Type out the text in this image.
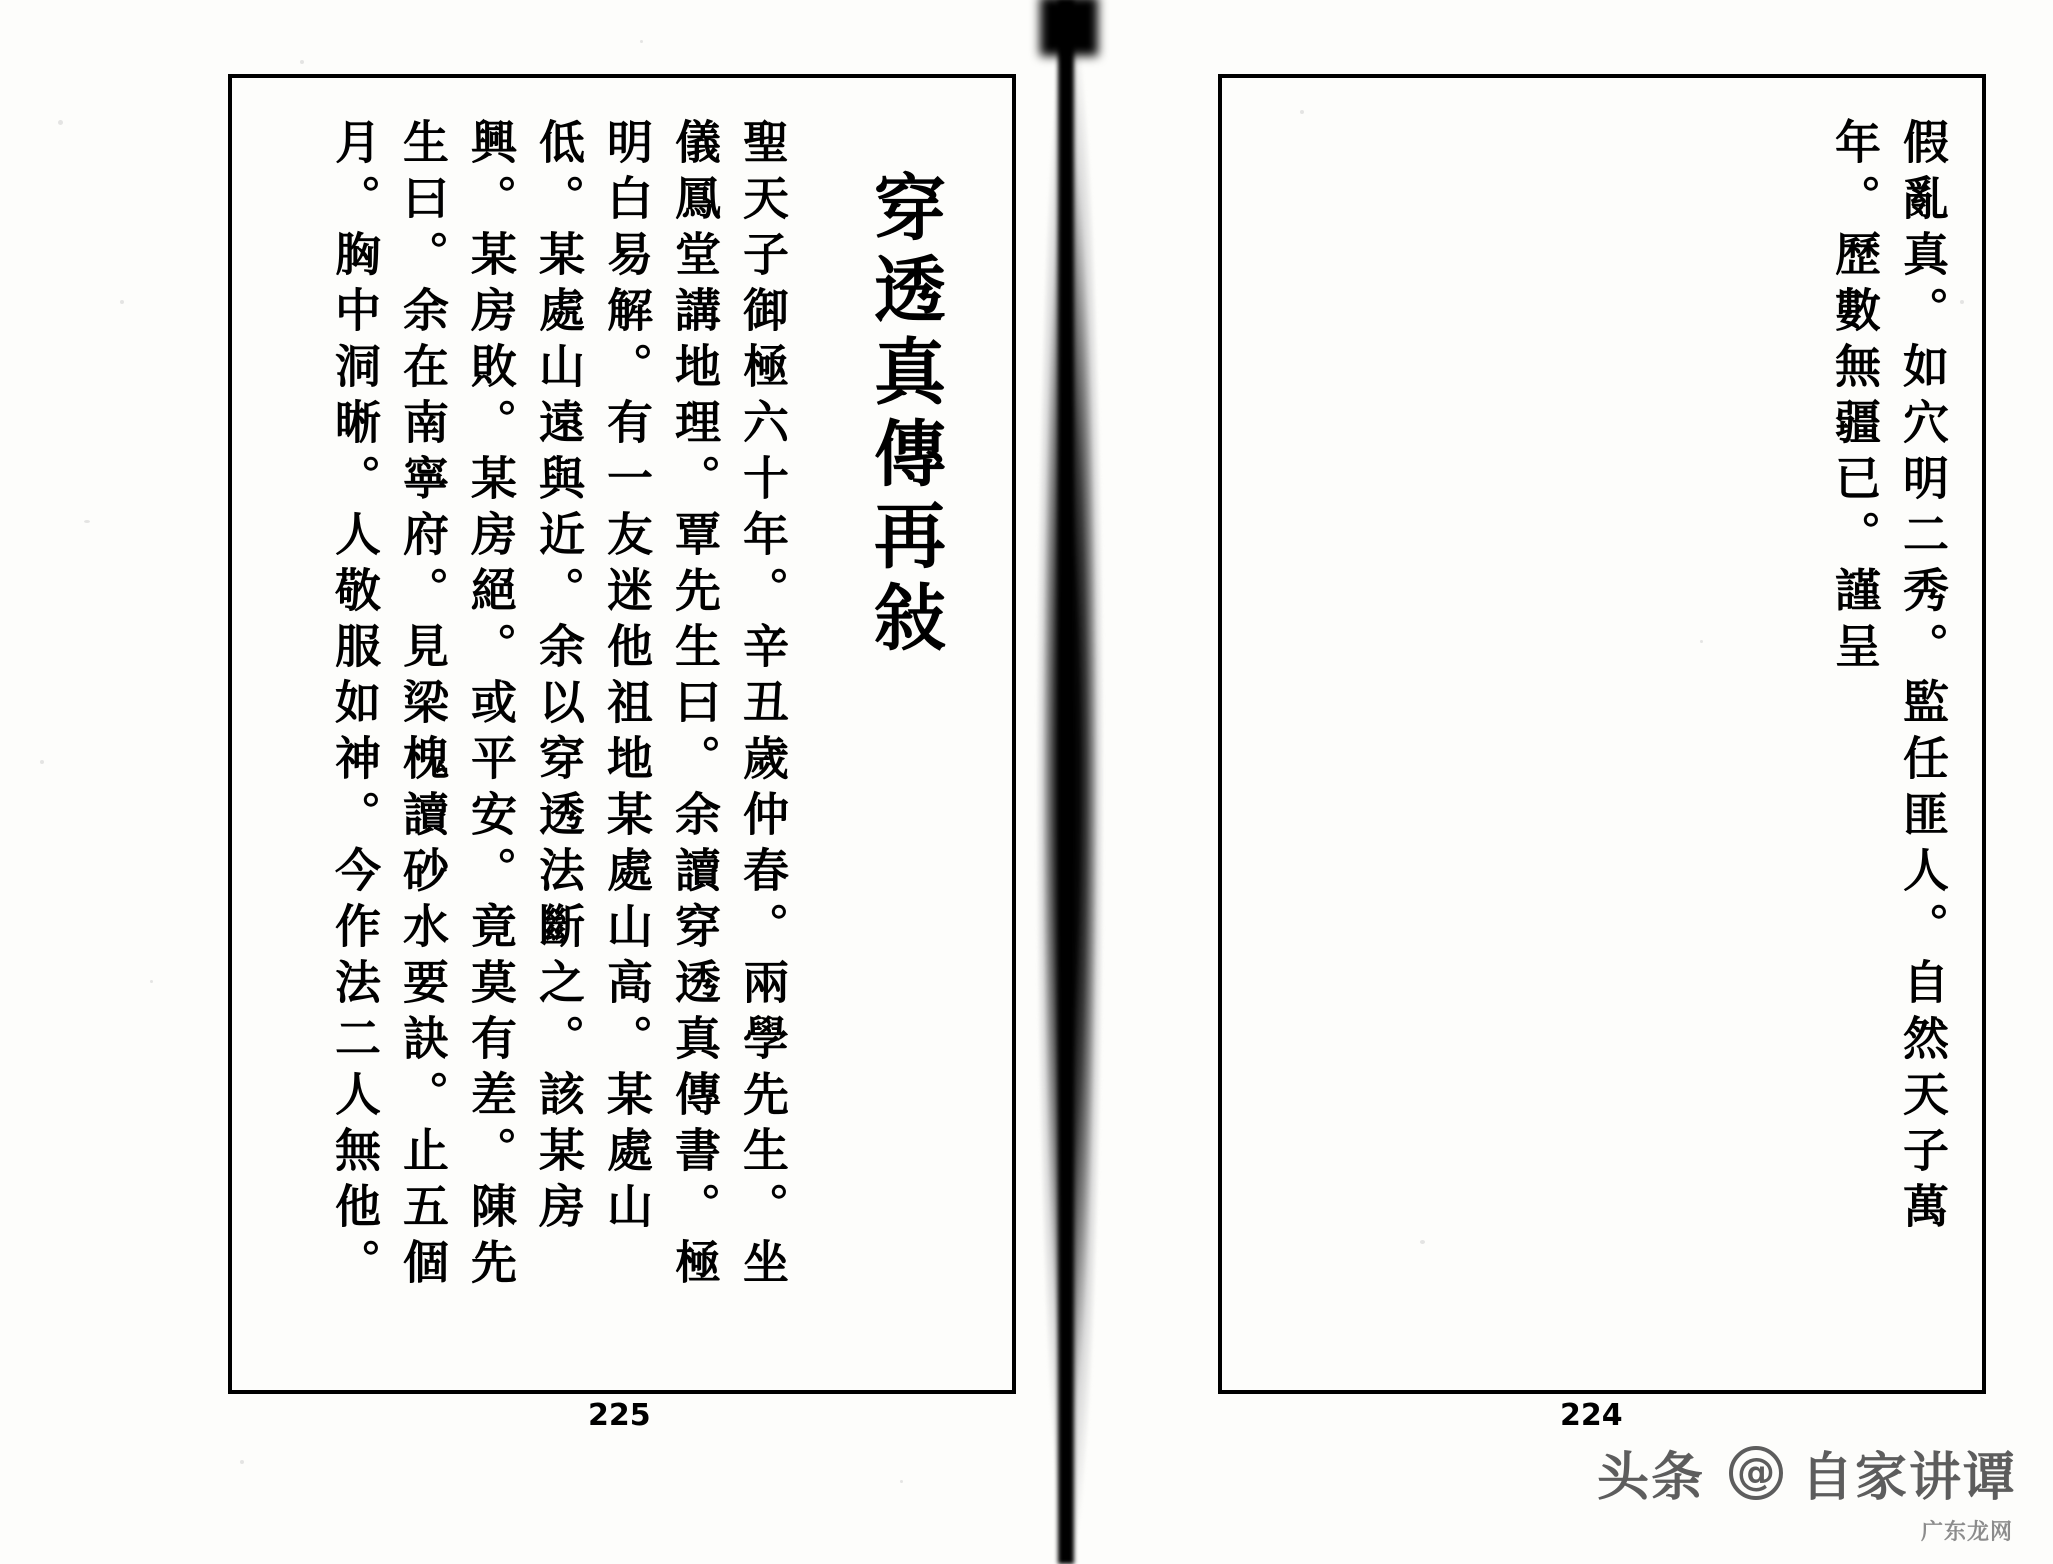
穿透真傳再敍
聖天子御極六十年。辛丑歲仲春。兩學先生。坐
儀鳳堂講地理。覃先生曰。余讀穿透真傳書。極
明白易解。有一友迷他祖地某處山高。某處山
低。某處山遠與近。余以穿透法斷之。該某房
興。某房敗。某房絕。或平安。竟莫有差。陳先
生曰。余在南寧府。見梁槐讀砂水要訣。止五個
月。胸中洞晰。人敬服如神。今作法二人無他。
225
假亂真。如穴明二秀。監任匪人。自然天子萬
年。歷數無疆已。謹呈
224
头条 @ 自家讲谭
广东龙网
